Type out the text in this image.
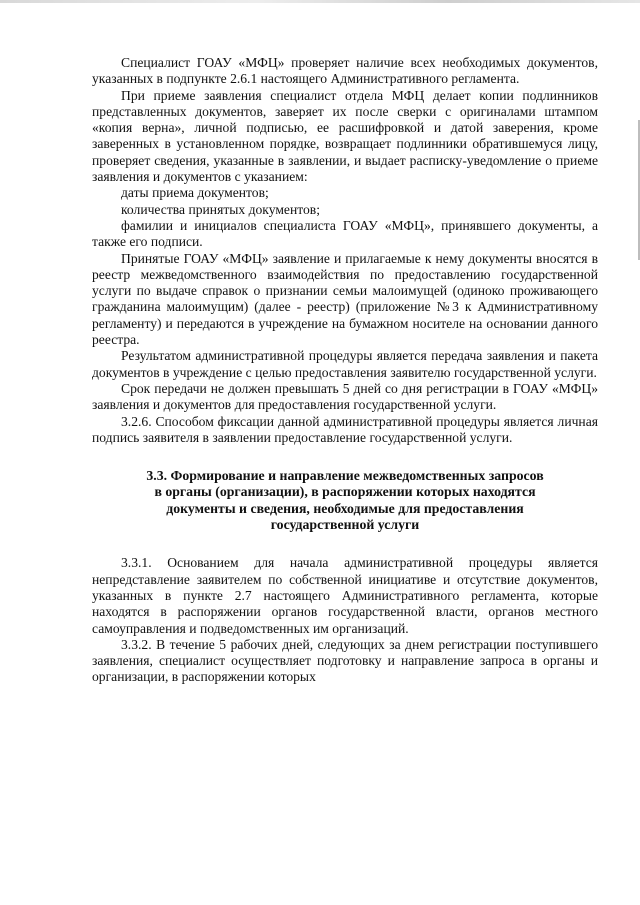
Специалист ГОАУ «МФЦ» проверяет наличие всех необходимых документов, указанных в подпункте 2.6.1 настоящего Административного регламента.

При приеме заявления специалист отдела МФЦ делает копии подлинников представленных документов, заверяет их после сверки с оригиналами штампом «копия верна», личной подписью, ее расшифровкой и датой заверения, кроме заверенных в установленном порядке, возвращает подлинники обратившемуся лицу, проверяет сведения, указанные в заявлении, и выдает расписку-уведомление о приеме заявления и документов с указанием:

даты приема документов;

количества принятых документов;

фамилии и инициалов специалиста ГОАУ «МФЦ», принявшего документы, а также его подписи.

Принятые ГОАУ «МФЦ» заявление и прилагаемые к нему документы вносятся в реестр межведомственного взаимодействия по предоставлению государственной услуги по выдаче справок о признании семьи малоимущей (одиноко проживающего гражданина малоимущим) (далее - реестр) (приложение №3 к Административному регламенту) и передаются в учреждение на бумажном носителе на основании данного реестра.

Результатом административной процедуры является передача заявления и пакета документов в учреждение с целью предоставления заявителю государственной услуги.

Срок передачи не должен превышать 5 дней со дня регистрации в ГОАУ «МФЦ» заявления и документов для предоставления государственной услуги.

3.2.6. Способом фиксации данной административной процедуры является личная подпись заявителя в заявлении предоставление государственной услуги.

3.3. Формирование и направление межведомственных запросов
в органы (организации), в распоряжении которых находятся
документы и сведения, необходимые для предоставления
государственной услуги

3.3.1. Основанием для начала административной процедуры является непредставление заявителем по собственной инициативе и отсутствие документов, указанных в пункте 2.7 настоящего Административного регламента, которые находятся в распоряжении органов государственной власти, органов местного самоуправления и подведомственных им организаций.

3.3.2. В течение 5 рабочих дней, следующих за днем регистрации поступившего заявления, специалист осуществляет подготовку и направление запроса в органы и организации, в распоряжении которых
